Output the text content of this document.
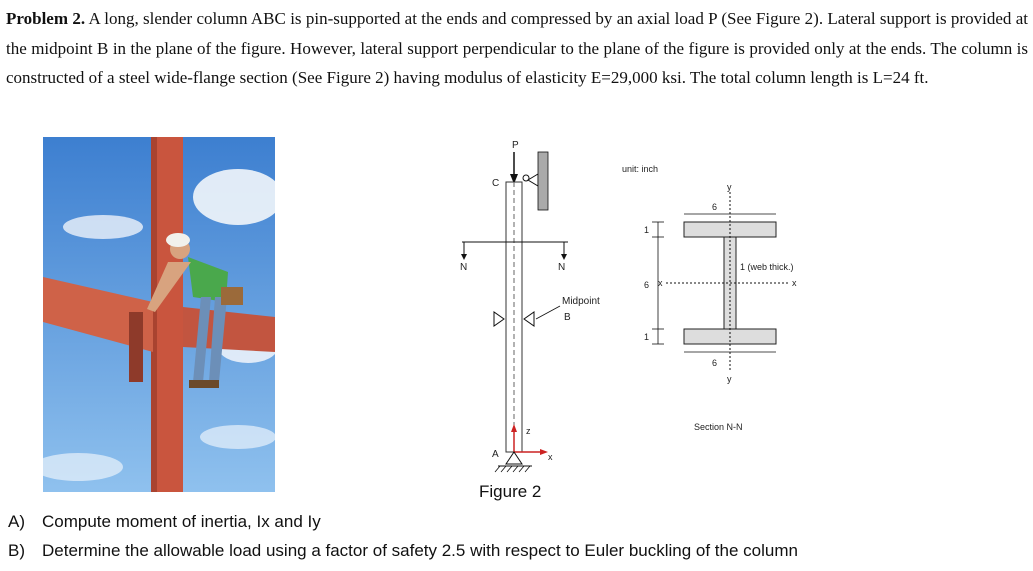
Problem 2. A long, slender column ABC is pin-supported at the ends and compressed by an axial load P (See Figure 2). Lateral support is provided at the midpoint B in the plane of the figure. However, lateral support perpendicular to the plane of the figure is provided only at the ends. The column is constructed of a steel wide-flange section (See Figure 2) having modulus of elasticity E=29,000 ksi. The total column length is L=24 ft.
P
C
N	N
Midpoint
B
z
x
A
unit: inch
y
y
x	x
6
6
1
6
1
1 (web thick.)
Section N-N
Figure 2
A) Compute moment of inertia, Ix and Iy
B) Determine the allowable load using a factor of safety 2.5 with respect to Euler buckling of the column
